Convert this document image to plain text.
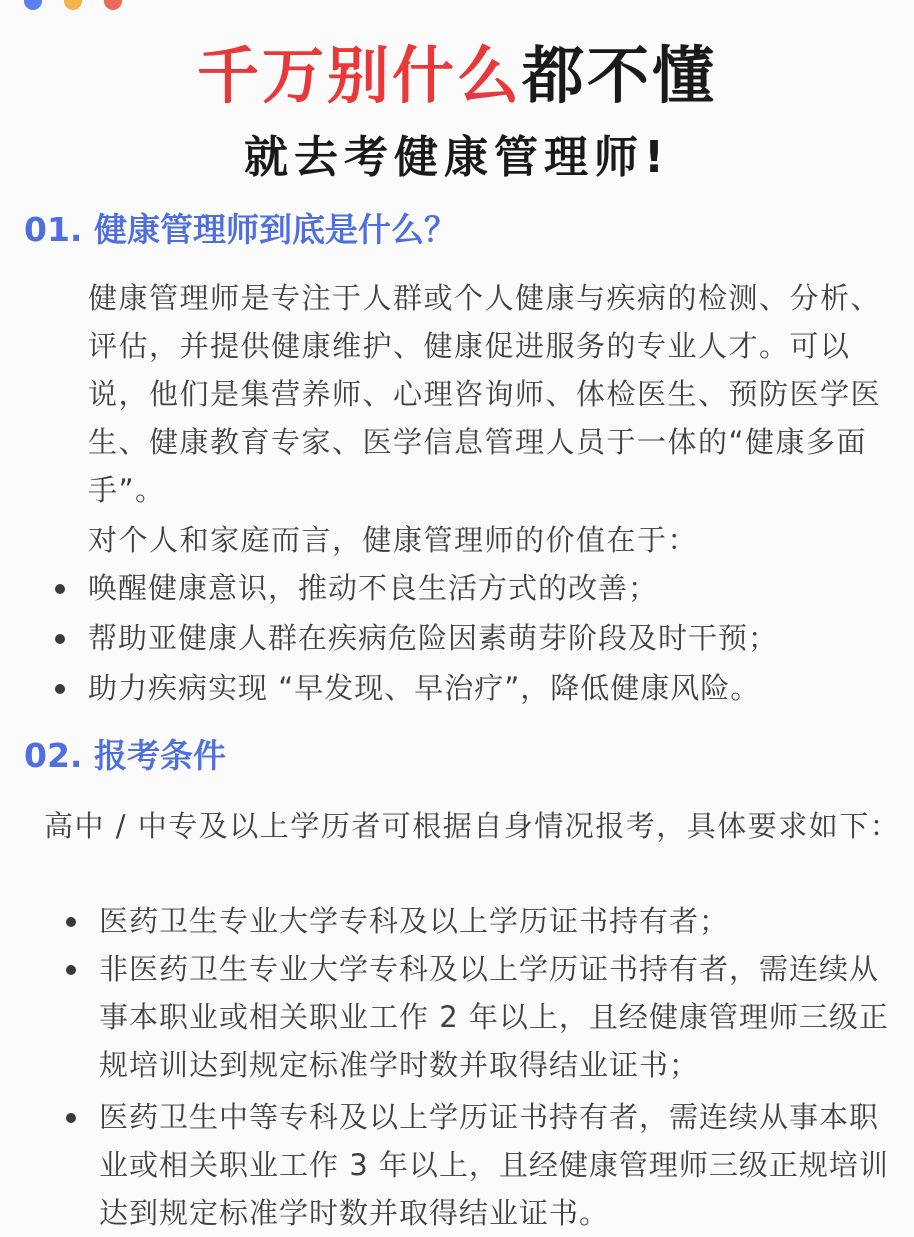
千万别什么都不懂
就去考健康管理师!
01. 健康管理师到底是什么？
健康管理师是专注于人群或个人健康与疾病的检测、分析、评估，并提供健康维护、健康促进服务的专业人才。可以说，他们是集营养师、心理咨询师、体检医生、预防医学医生、健康教育专家、医学信息管理人员于一体的“健康多面手”。
对个人和家庭而言，健康管理师的价值在于：
唤醒健康意识，推动不良生活方式的改善；
帮助亚健康人群在疾病危险因素萌芽阶段及时干预；
助力疾病实现 “早发现、早治疗”，降低健康风险。
02. 报考条件
高中 / 中专及以上学历者可根据自身情况报考，具体要求如下：
医药卫生专业大学专科及以上学历证书持有者；
非医药卫生专业大学专科及以上学历证书持有者，需连续从事本职业或相关职业工作 2 年以上，且经健康管理师三级正规培训达到规定标准学时数并取得结业证书；
医药卫生中等专科及以上学历证书持有者，需连续从事本职业或相关职业工作 3 年以上，且经健康管理师三级正规培训达到规定标准学时数并取得结业证书。
